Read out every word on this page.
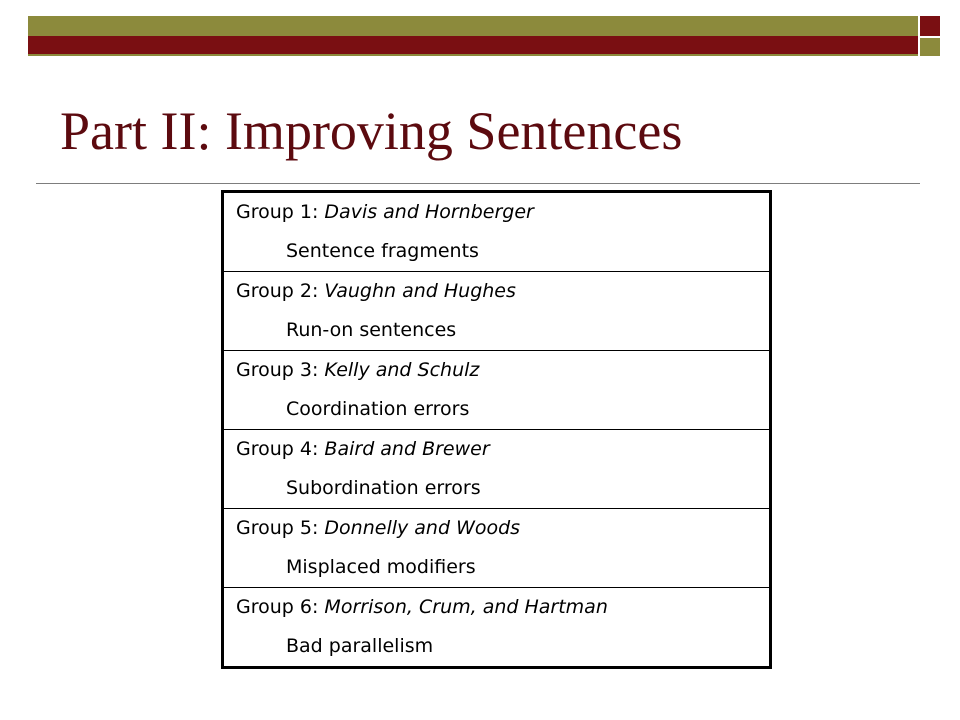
Part II: Improving Sentences
Group 1: Davis and Hornberger
Sentence fragments

Group 2: Vaughn and Hughes
Run-on sentences

Group 3: Kelly and Schulz
Coordination errors

Group 4: Baird and Brewer
Subordination errors

Group 5: Donnelly and Woods
Misplaced modifiers

Group 6: Morrison, Crum, and Hartman
Bad parallelism
